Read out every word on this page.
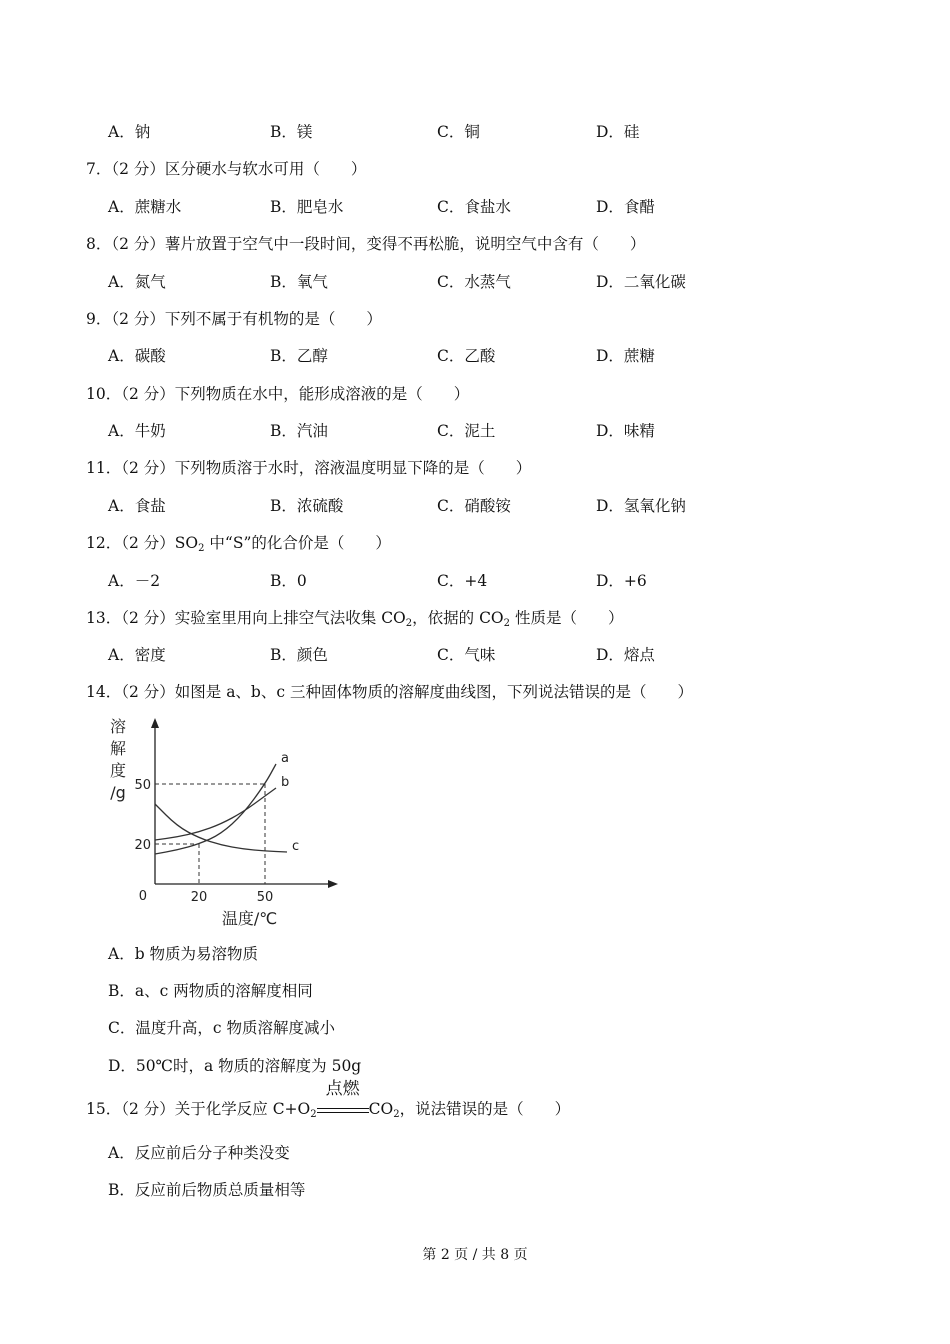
A．钠	B．镁	C．铜	D．硅
7．（2 分）区分硬水与软水可用（　　）
A．蔗糖水	B．肥皂水	C．食盐水	D．食醋
8．（2 分）薯片放置于空气中一段时间，变得不再松脆，说明空气中含有（　　）
A．氮气	B．氧气	C．水蒸气	D．二氧化碳
9．（2 分）下列不属于有机物的是（　　）
A．碳酸	B．乙醇	C．乙酸	D．蔗糖
10．（2 分）下列物质在水中，能形成溶液的是（　　）
A．牛奶	B．汽油	C．泥土	D．味精
11．（2 分）下列物质溶于水时，溶液温度明显下降的是（　　）
A．食盐	B．浓硫酸	C．硝酸铵	D．氢氧化钠
12．（2 分）$SO_2$ 中“S”的化合价是（　　）
A．－2	B．0	C．+4	D．+6
13．（2 分）实验室里用向上排空气法收集 $CO_2$，依据的 $CO_2$ 性质是（　　）
A．密度	B．颜色	C．气味	D．熔点
14．（2 分）如图是 a、b、c 三种固体物质的溶解度曲线图，下列说法错误的是（　　）
a
b
c
20	50
20
50
0
溶
解
度
/g
温度/℃
A．b 物质为易溶物质
B．a、c 两物质的溶解度相同
C．温度升高，c 物质溶解度减小
D．50℃时，a 物质的溶解度为 50g
15．（2 分）关于化学反应 $C+O_2$
点燃
$CO_2$，说法错误的是（　　）
A．反应前后分子种类没变
B．反应前后物质总质量相等
第 2 页 / 共 8 页
